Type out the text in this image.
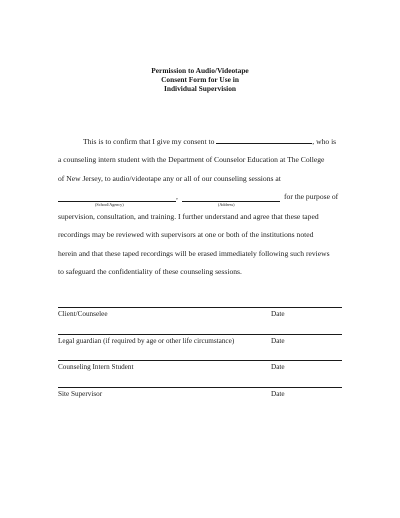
Permission to Audio/Videotape
Consent Form for Use in
Individual Supervision
This is to confirm that I give my consent to	, who is
a counseling intern student with the Department of Counselor Education at The College
of New Jersey, to audio/videotape any or all of our counseling sessions at
,	for the purpose of
(School/Agency)	(Address)
supervision, consultation, and training. I further understand and agree that these taped
recordings may be reviewed with supervisors at one or both of the institutions noted
herein and that these taped recordings will be erased immediately following such reviews
to safeguard the confidentiality of these counseling sessions.
Client/Counselee	Date
Legal guardian (if required by age or other life circumstance)	Date
Counseling Intern Student	Date
Site Supervisor	Date
